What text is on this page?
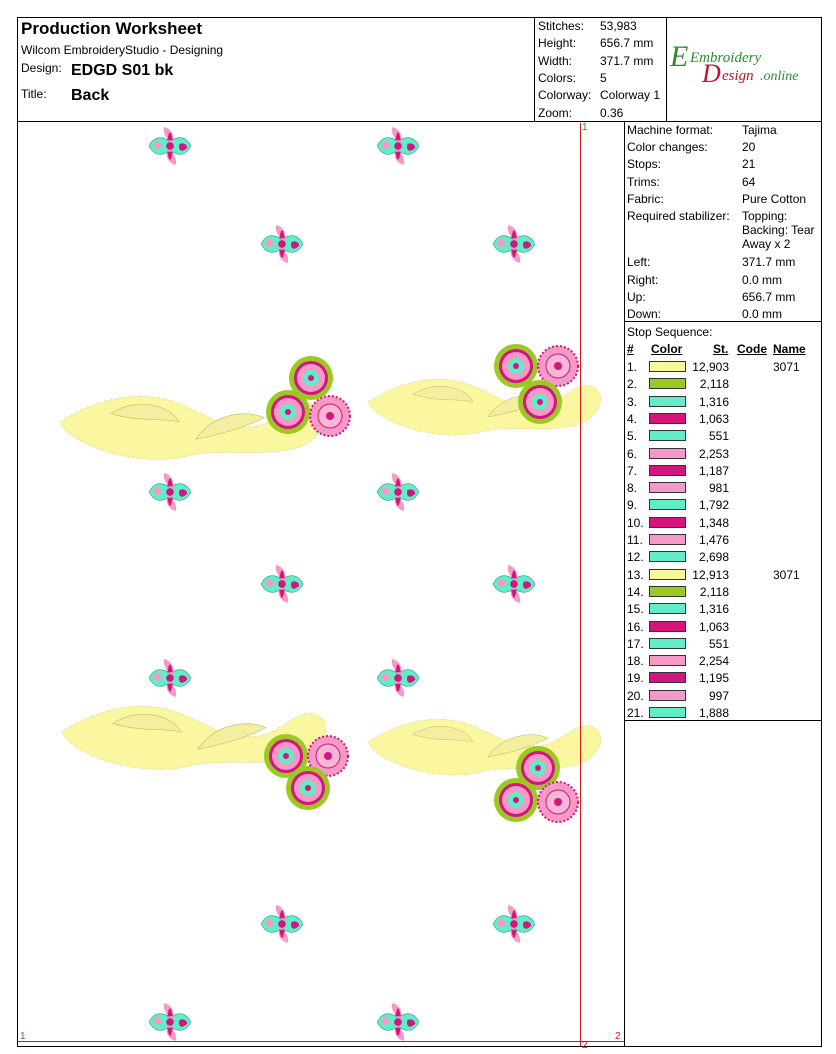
Production Worksheet
Wilcom EmbroideryStudio - Designing
Design: EDGD S01 bk
Title: Back
Stitches: 53,983
Height: 656.7 mm
Width: 371.7 mm
Colors: 5
Colorway: Colorway 1
Zoom: 0.36
E Embroidery
D esign .online
Machine format: Tajima
Color changes:	20
Stops:	21
Trims:	64
Fabric:	Pure Cotton
Required stabilizer: Topping:
Backing: Tear
Away x 2
Left:	371.7 mm
Right:	0.0 mm
Up:	656.7 mm
Down:	0.0 mm
Stop Sequence:
# Color	St. Code Name
1.	12,903	3071
2.	2,118
3.	1,316
4.	1,063
5.	551
6.	2,253
7.	1,187
8.	981
9.	1,792
10.	1,348
11.	1,476
12.	2,698
13.	12,913	3071
14.	2,118
15.	1,316
16.	1,063
17.	551
18.	2,254
19.	1,195
20.	997
21.	1,888
1
1	2
2
